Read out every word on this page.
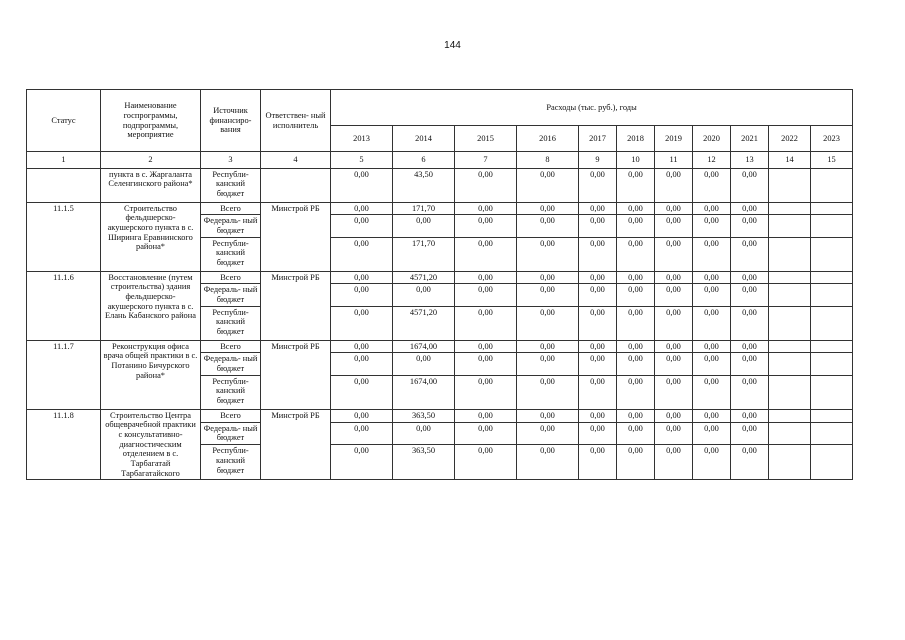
144
Статус	Наименование госпрограммы, подпрограммы, мероприятие	Источник финансиро- вания	Ответствен- ный исполнитель	Расходы (тыс. руб.), годы										
				2013	2014	2015	2016	2017	2018	2019	2020	2021	2022	2023
1	2	3	4	5	6	7	8	9	10	11	12	13	14	15
	пункта в с. Жаргаланта Селенгинского района*	Республи- канский бюджет		0,00	43,50	0,00	0,00	0,00	0,00	0,00	0,00	0,00		
11.1.5	Строительство фельдшерско- акушерского пункта в с. Ширинга Еравнинского района*	Всего	Минстрой РБ	0,00	171,70	0,00	0,00	0,00	0,00	0,00	0,00	0,00		
		Федераль- ный бюджет		0,00	0,00	0,00	0,00	0,00	0,00	0,00	0,00	0,00		
		Республи- канский бюджет		0,00	171,70	0,00	0,00	0,00	0,00	0,00	0,00	0,00		
11.1.6	Восстановление (путем строительства) здания фельдшерско- акушерского пункта в с. Елань Кабанского района	Всего	Минстрой РБ	0,00	4571,20	0,00	0,00	0,00	0,00	0,00	0,00	0,00		
		Федераль- ный бюджет		0,00	0,00	0,00	0,00	0,00	0,00	0,00	0,00	0,00		
		Республи- канский бюджет		0,00	4571,20	0,00	0,00	0,00	0,00	0,00	0,00	0,00		
11.1.7	Реконструкция офиса врача общей практики в с. Потанино Бичурского района*	Всего	Минстрой РБ	0,00	1674,00	0,00	0,00	0,00	0,00	0,00	0,00	0,00		
		Федераль- ный бюджет		0,00	0,00	0,00	0,00	0,00	0,00	0,00	0,00	0,00		
		Республи- канский бюджет		0,00	1674,00	0,00	0,00	0,00	0,00	0,00	0,00	0,00		
11.1.8	Строительство Центра общеврачебной практики с консультативно- диагностическим отделением в с. Тарбагатай Тарбагатайского	Всего	Минстрой РБ	0,00	363,50	0,00	0,00	0,00	0,00	0,00	0,00	0,00		
		Федераль- ный бюджет		0,00	0,00	0,00	0,00	0,00	0,00	0,00	0,00	0,00		
		Республи- канский бюджет		0,00	363,50	0,00	0,00	0,00	0,00	0,00	0,00	0,00		
